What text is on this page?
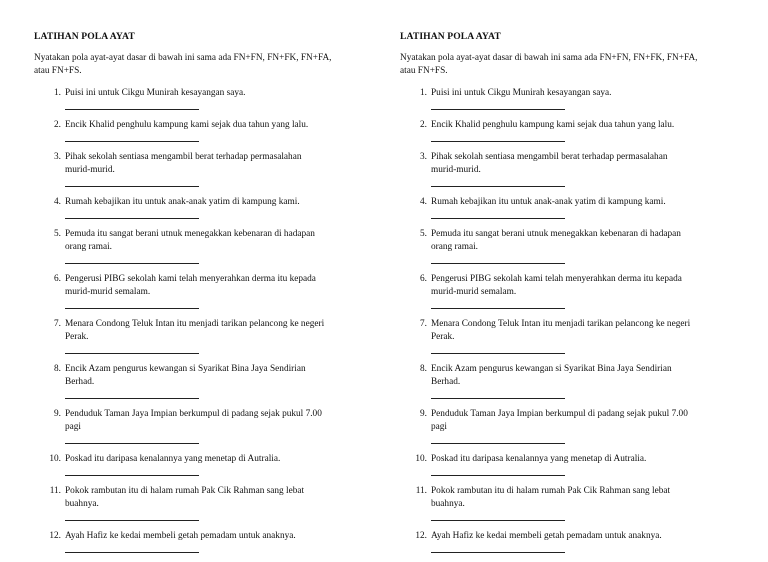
LATIHAN POLA AYAT
Nyatakan pola ayat-ayat dasar di bawah ini sama ada FN+FN, FN+FK, FN+FA,
atau FN+FS.
1. Puisi ini untuk Cikgu Munirah kesayangan saya.
2. Encik Khalid penghulu kampung kami sejak dua tahun yang lalu.
3. Pihak sekolah sentiasa mengambil berat terhadap permasalahan
murid-murid.
4. Rumah kebajikan itu untuk anak-anak yatim di kampung kami.
5. Pemuda itu sangat berani utnuk menegakkan kebenaran di hadapan
orang ramai.
6. Pengerusi PIBG sekolah kami telah menyerahkan derma itu kepada
murid-murid semalam.
7. Menara Condong Teluk Intan itu menjadi tarikan pelancong ke negeri
Perak.
8. Encik Azam pengurus kewangan si Syarikat Bina Jaya Sendirian
Berhad.
9. Penduduk Taman Jaya Impian berkumpul di padang sejak pukul 7.00
pagi
10. Poskad itu daripasa kenalannya yang menetap di Autralia.
11. Pokok rambutan itu di halam rumah Pak Cik Rahman sang lebat
buahnya.
12. Ayah Hafiz ke kedai membeli getah pemadam untuk anaknya.
LATIHAN POLA AYAT
Nyatakan pola ayat-ayat dasar di bawah ini sama ada FN+FN, FN+FK, FN+FA,
atau FN+FS.
1. Puisi ini untuk Cikgu Munirah kesayangan saya.
2. Encik Khalid penghulu kampung kami sejak dua tahun yang lalu.
3. Pihak sekolah sentiasa mengambil berat terhadap permasalahan
murid-murid.
4. Rumah kebajikan itu untuk anak-anak yatim di kampung kami.
5. Pemuda itu sangat berani utnuk menegakkan kebenaran di hadapan
orang ramai.
6. Pengerusi PIBG sekolah kami telah menyerahkan derma itu kepada
murid-murid semalam.
7. Menara Condong Teluk Intan itu menjadi tarikan pelancong ke negeri
Perak.
8. Encik Azam pengurus kewangan si Syarikat Bina Jaya Sendirian
Berhad.
9. Penduduk Taman Jaya Impian berkumpul di padang sejak pukul 7.00
pagi
10. Poskad itu daripasa kenalannya yang menetap di Autralia.
11. Pokok rambutan itu di halam rumah Pak Cik Rahman sang lebat
buahnya.
12. Ayah Hafiz ke kedai membeli getah pemadam untuk anaknya.
